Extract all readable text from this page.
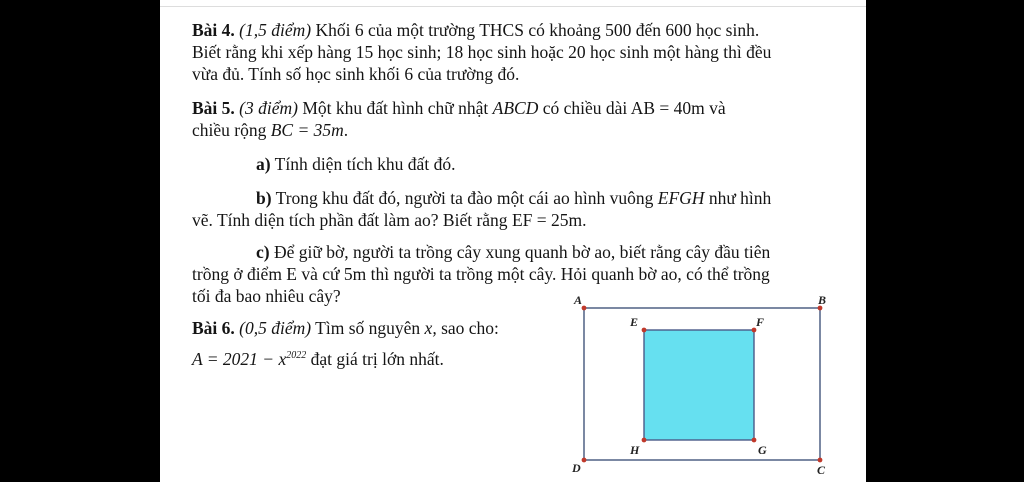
Bài 4. (1,5 điểm) Khối 6 của một trường THCS có khoảng 500 đến 600 học sinh.
Biết rằng khi xếp hàng 15 học sinh; 18 học sinh hoặc 20 học sinh một hàng thì đều
vừa đủ. Tính số học sinh khối 6 của trường đó.
Bài 5. (3 điểm) Một khu đất hình chữ nhật ABCD có chiều dài AB = 40m và
chiều rộng BC = 35m.
a) Tính diện tích khu đất đó.
b) Trong khu đất đó, người ta đào một cái ao hình vuông EFGH như hình
vẽ. Tính diện tích phần đất làm ao? Biết rằng EF = 25m.
c) Để giữ bờ, người ta trồng cây xung quanh bờ ao, biết rằng cây đầu tiên
trồng ở điểm E và cứ 5m thì người ta trồng một cây. Hỏi quanh bờ ao, có thể trồng
tối đa bao nhiêu cây?
Bài 6. (0,5 điểm) Tìm số nguyên x, sao cho:
$A = 2021 - x^{2022}$ đạt giá trị lớn nhất.
A	B
C
D
E	F
G
H
